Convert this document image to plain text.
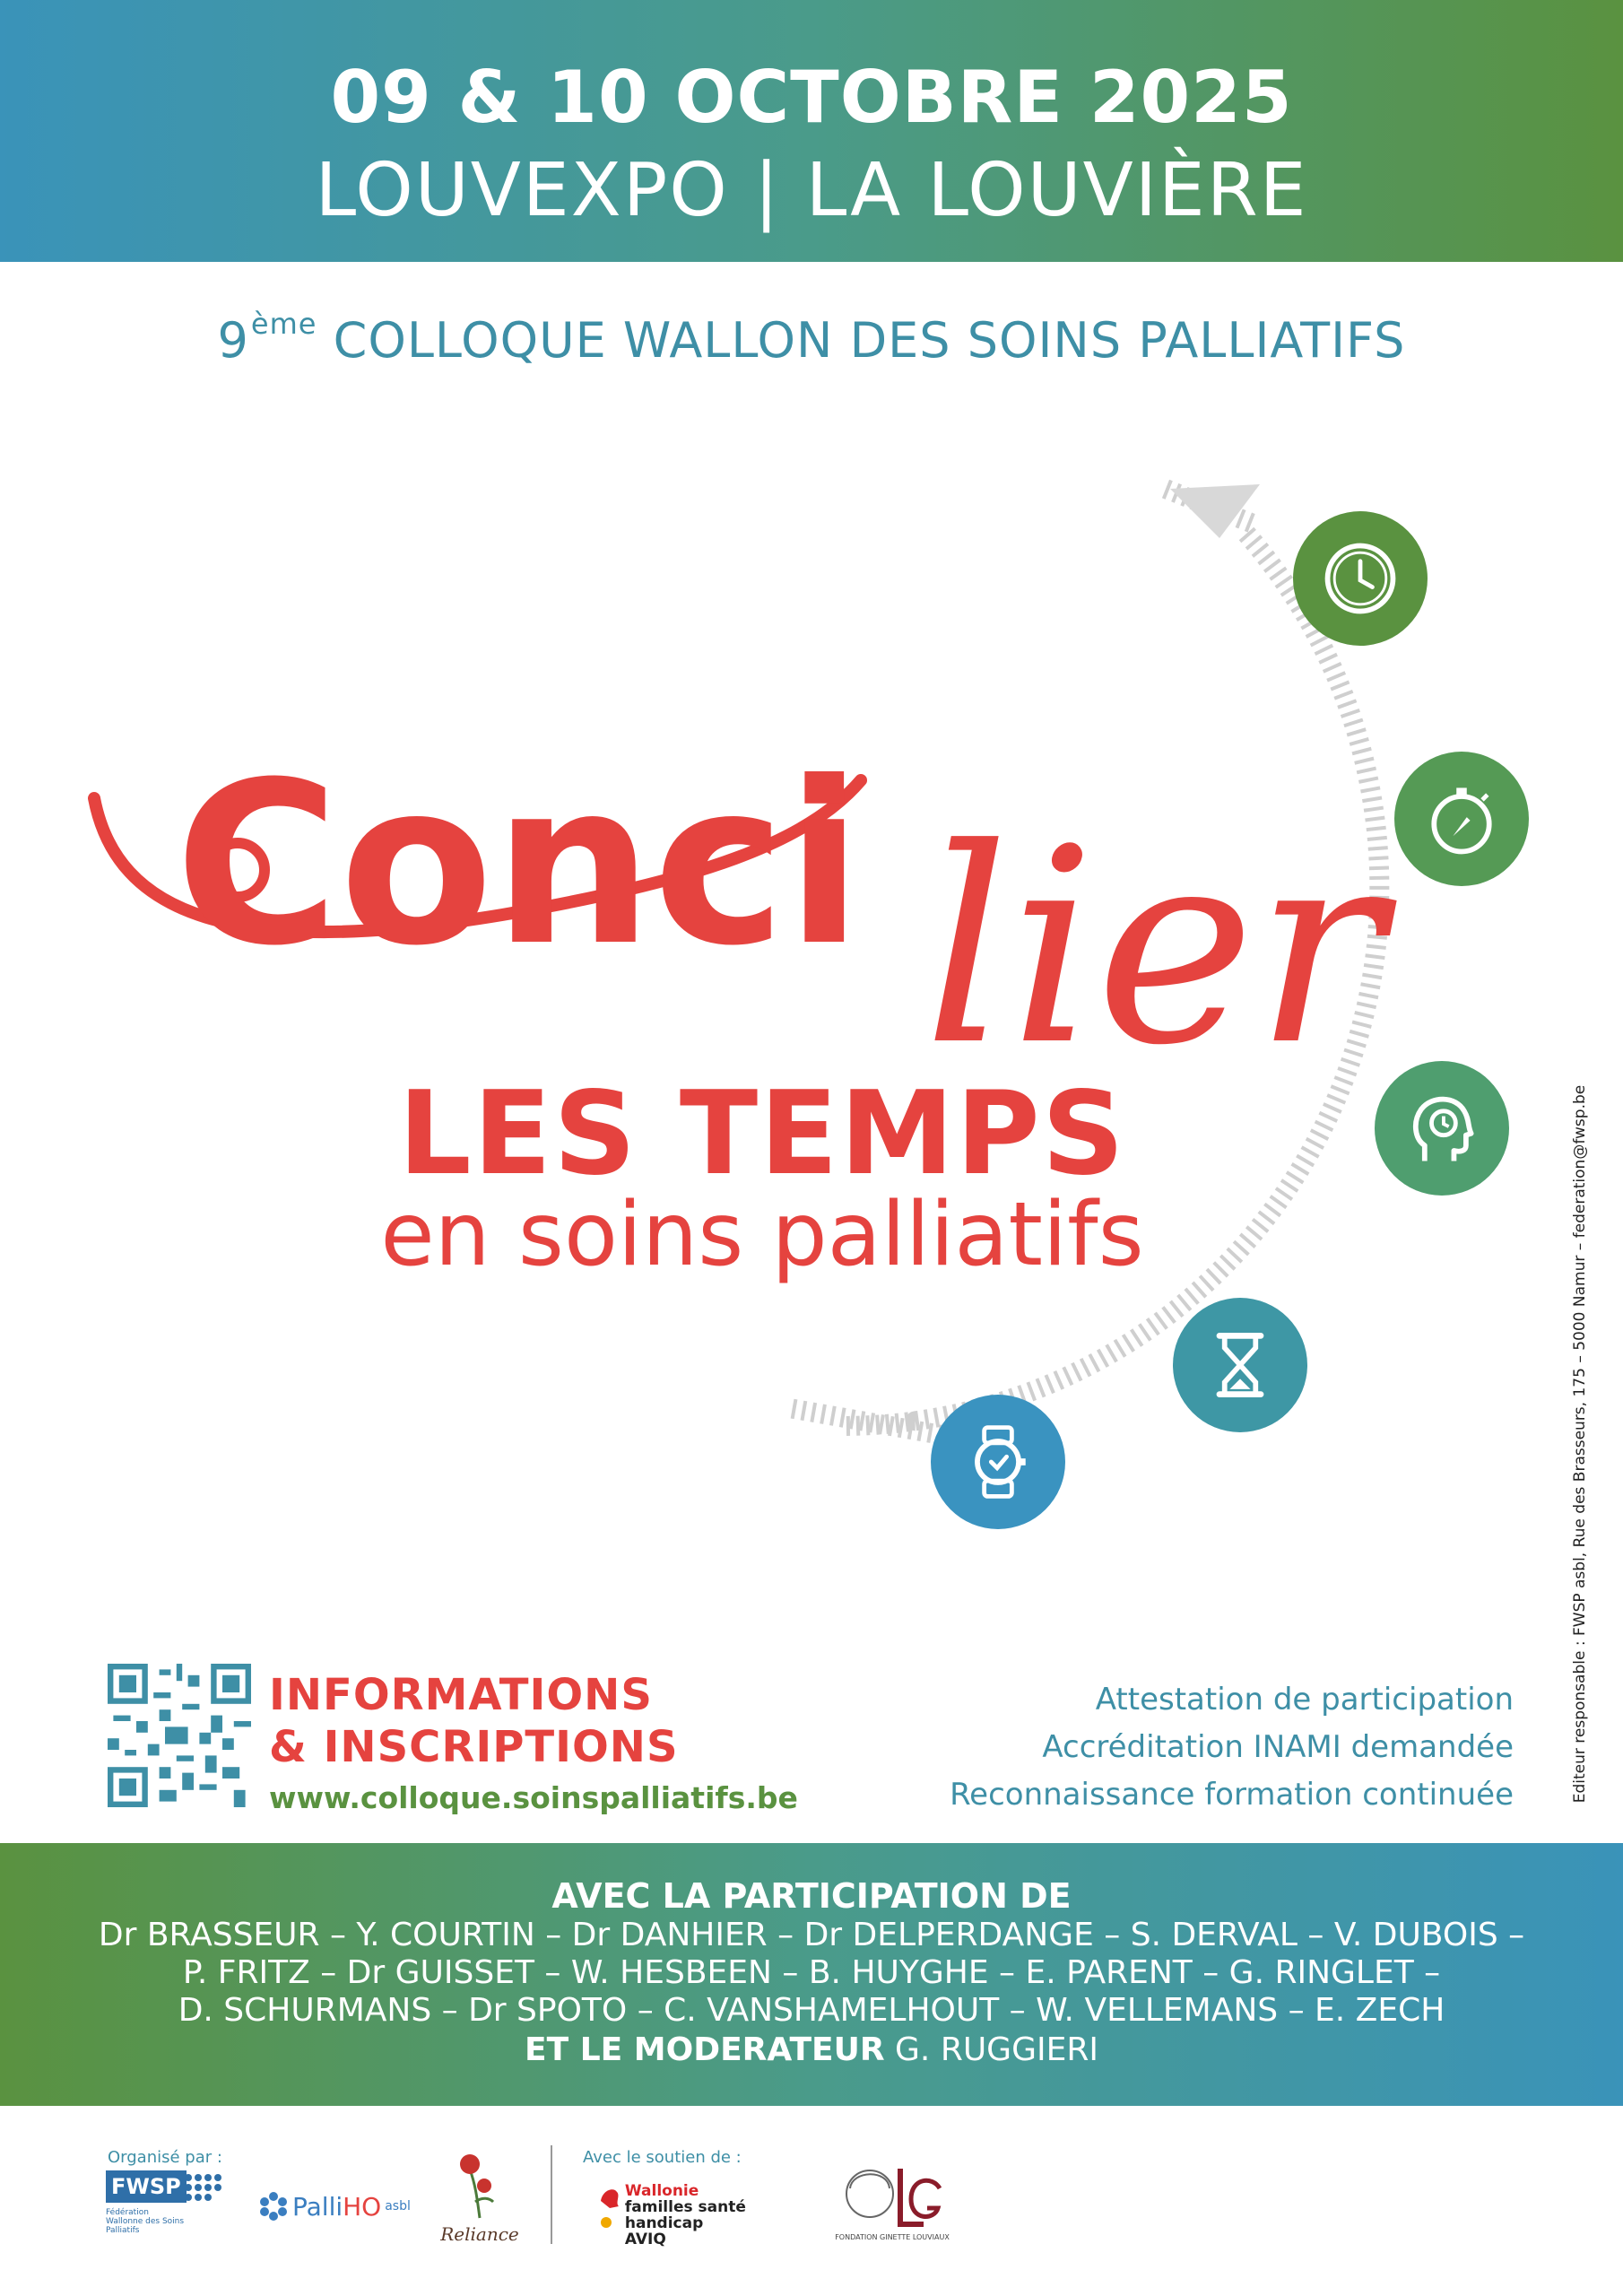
09 & 10 OCTOBRE 2025
LOUVEXPO | LA LOUVIÈRE
9ème COLLOQUE WALLON DES SOINS PALLIATIFS
Conci lier
LES TEMPS
en soins palliatifs
INFORMATIONS
& INSCRIPTIONS
www.colloque.soinspalliatifs.be
Attestation de participation
Accréditation INAMI demandée
Reconnaissance formation continuée	Editeur responsable : FWSP asbl, Rue des Brasseurs, 175 – 5000 Namur – federation@fwsp.be
AVEC LA PARTICIPATION DE
Dr BRASSEUR – Y. COURTIN – Dr DANHIER – Dr DELPERDANGE – S. DERVAL – V. DUBOIS –
P. FRITZ – Dr GUISSET – W. HESBEEN – B. HUYGHE – E. PARENT – G. RINGLET –
D. SCHURMANS – Dr SPOTO – C. VANSHAMELHOUT – W. VELLEMANS – E. ZECH
ET LE MODERATEUR G. RUGGIERI
Organisé par :	Avec le soutien de :
FWSP
Fédération Wallonne des Soins Palliatifs
Palli HO asbl
Reliance
Wallonie
familles santé handicap
AVIQ	FONDATION GINETTE LOUVIAUX
